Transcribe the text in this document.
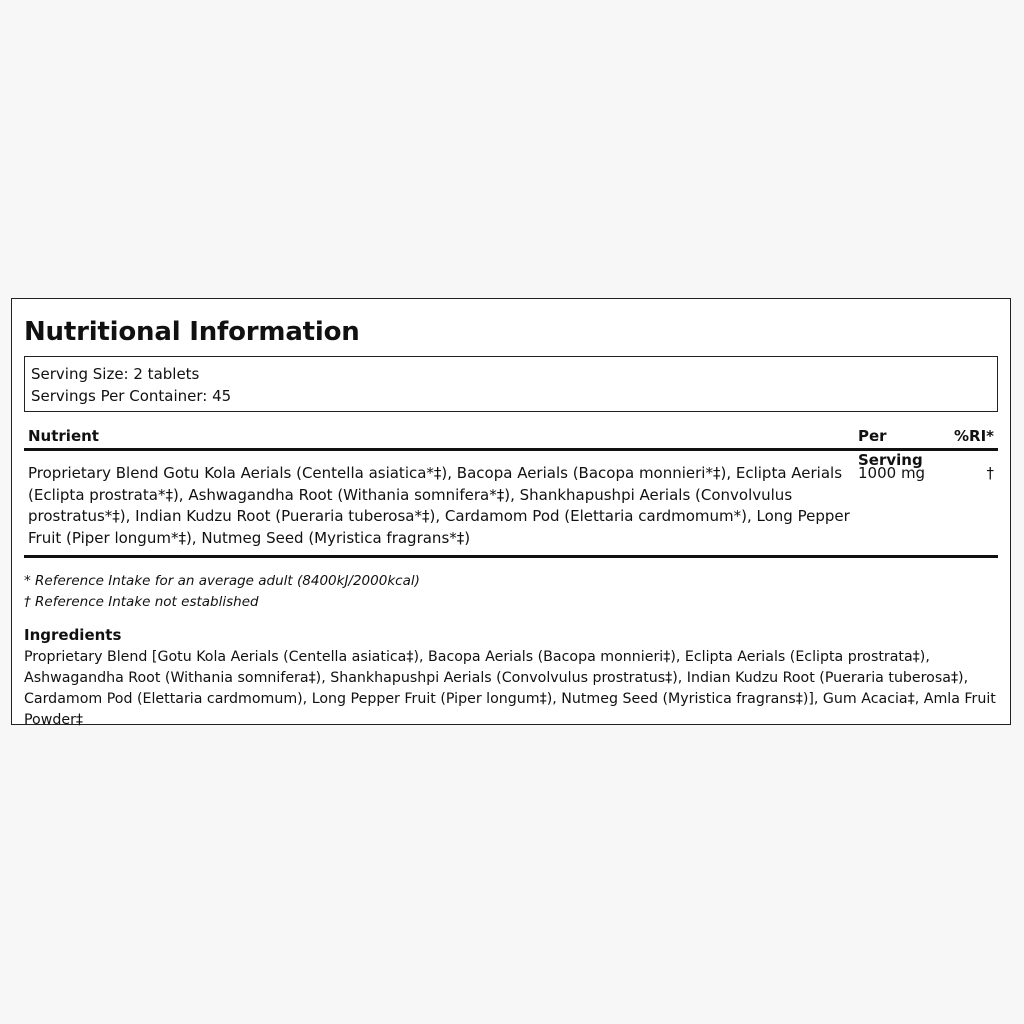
Nutritional Information
Serving Size: 2 tablets
Servings Per Container: 45
Nutrient	Per Serving
%RI*
Proprietary Blend Gotu Kola Aerials (Centella asiatica*‡), Bacopa Aerials (Bacopa monnieri*‡), Eclipta Aerials (Eclipta prostrata*‡), Ashwagandha Root (Withania somnifera*‡), Shankhapushpi Aerials (Convolvulus prostratus*‡), Indian Kudzu Root (Pueraria tuberosa*‡), Cardamom Pod (Elettaria cardmomum*), Long Pepper Fruit (Piper longum*‡), Nutmeg Seed (Myristica fragrans*‡)
1000 mg	†
* Reference Intake for an average adult (8400kJ/2000kcal)
† Reference Intake not established
Ingredients
Proprietary Blend [Gotu Kola Aerials (Centella asiatica‡), Bacopa Aerials (Bacopa monnieri‡), Eclipta Aerials (Eclipta prostrata‡), Ashwagandha Root (Withania somnifera‡), Shankhapushpi Aerials (Convolvulus prostratus‡), Indian Kudzu Root (Pueraria tuberosa‡), Cardamom Pod (Elettaria cardmomum), Long Pepper Fruit (Piper longum‡), Nutmeg Seed (Myristica fragrans‡)], Gum Acacia‡, Amla Fruit Powder‡
